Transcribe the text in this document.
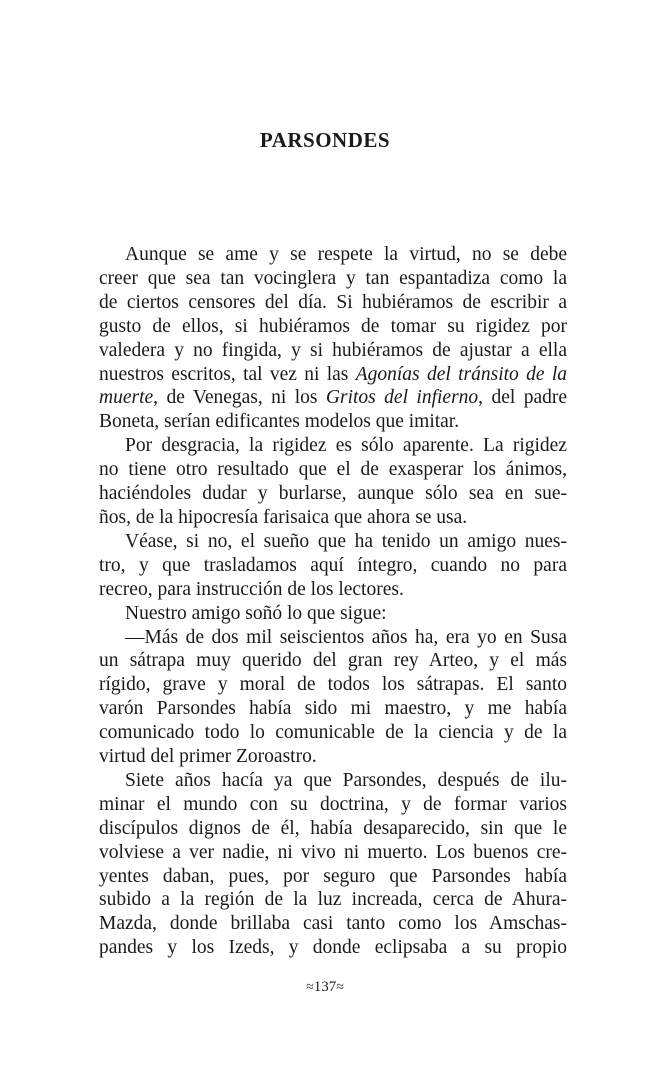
PARSONDES
Aunque se ame y se respete la virtud, no se debe
creer que sea tan vocinglera y tan espantadiza como la
de ciertos censores del día. Si hubiéramos de escribir a
gusto de ellos, si hubiéramos de tomar su rigidez por
valedera y no fingida, y si hubiéramos de ajustar a ella
nuestros escritos, tal vez ni las Agonías del tránsito de la
muerte, de Venegas, ni los Gritos del infierno, del padre
Boneta, serían edificantes modelos que imitar.
Por desgracia, la rigidez es sólo aparente. La rigidez
no tiene otro resultado que el de exasperar los ánimos,
haciéndoles dudar y burlarse, aunque sólo sea en sue-
ños, de la hipocresía farisaica que ahora se usa.
Véase, si no, el sueño que ha tenido un amigo nues-
tro, y que trasladamos aquí íntegro, cuando no para
recreo, para instrucción de los lectores.
Nuestro amigo soñó lo que sigue:
—Más de dos mil seiscientos años ha, era yo en Susa
un sátrapa muy querido del gran rey Arteo, y el más
rígido, grave y moral de todos los sátrapas. El santo
varón Parsondes había sido mi maestro, y me había
comunicado todo lo comunicable de la ciencia y de la
virtud del primer Zoroastro.
Siete años hacía ya que Parsondes, después de ilu-
minar el mundo con su doctrina, y de formar varios
discípulos dignos de él, había desaparecido, sin que le
volviese a ver nadie, ni vivo ni muerto. Los buenos cre-
yentes daban, pues, por seguro que Parsondes había
subido a la región de la luz increada, cerca de Ahura-
Mazda, donde brillaba casi tanto como los Amschas-
pandes y los Izeds, y donde eclipsaba a su propio
≈137≈
